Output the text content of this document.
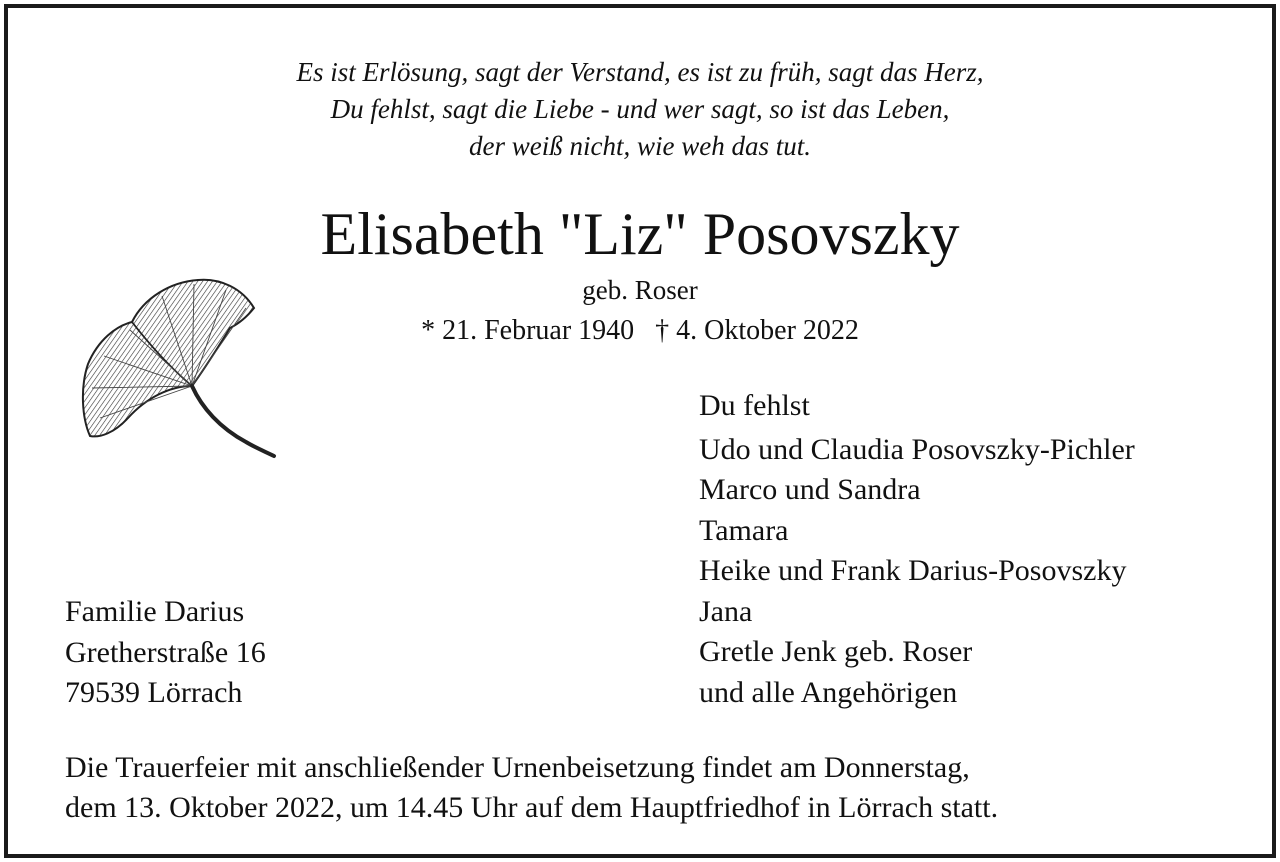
Es ist Erlösung, sagt der Verstand, es ist zu früh, sagt das Herz,
Du fehlst, sagt die Liebe - und wer sagt, so ist das Leben,
der weiß nicht, wie weh das tut.
Elisabeth "Liz" Posovszky
geb. Roser
* 21. Februar 1940   † 4. Oktober 2022
Du fehlst
Udo und Claudia Posovszky-Pichler
Marco und Sandra
Tamara
Heike und Frank Darius-Posovszky
Jana
Gretle Jenk geb. Roser
und alle Angehörigen
Familie Darius
Gretherstraße 16
79539 Lörrach
Die Trauerfeier mit anschließender Urnenbeisetzung findet am Donnerstag,
dem 13. Oktober 2022, um 14.45 Uhr auf dem Hauptfriedhof in Lörrach statt.
